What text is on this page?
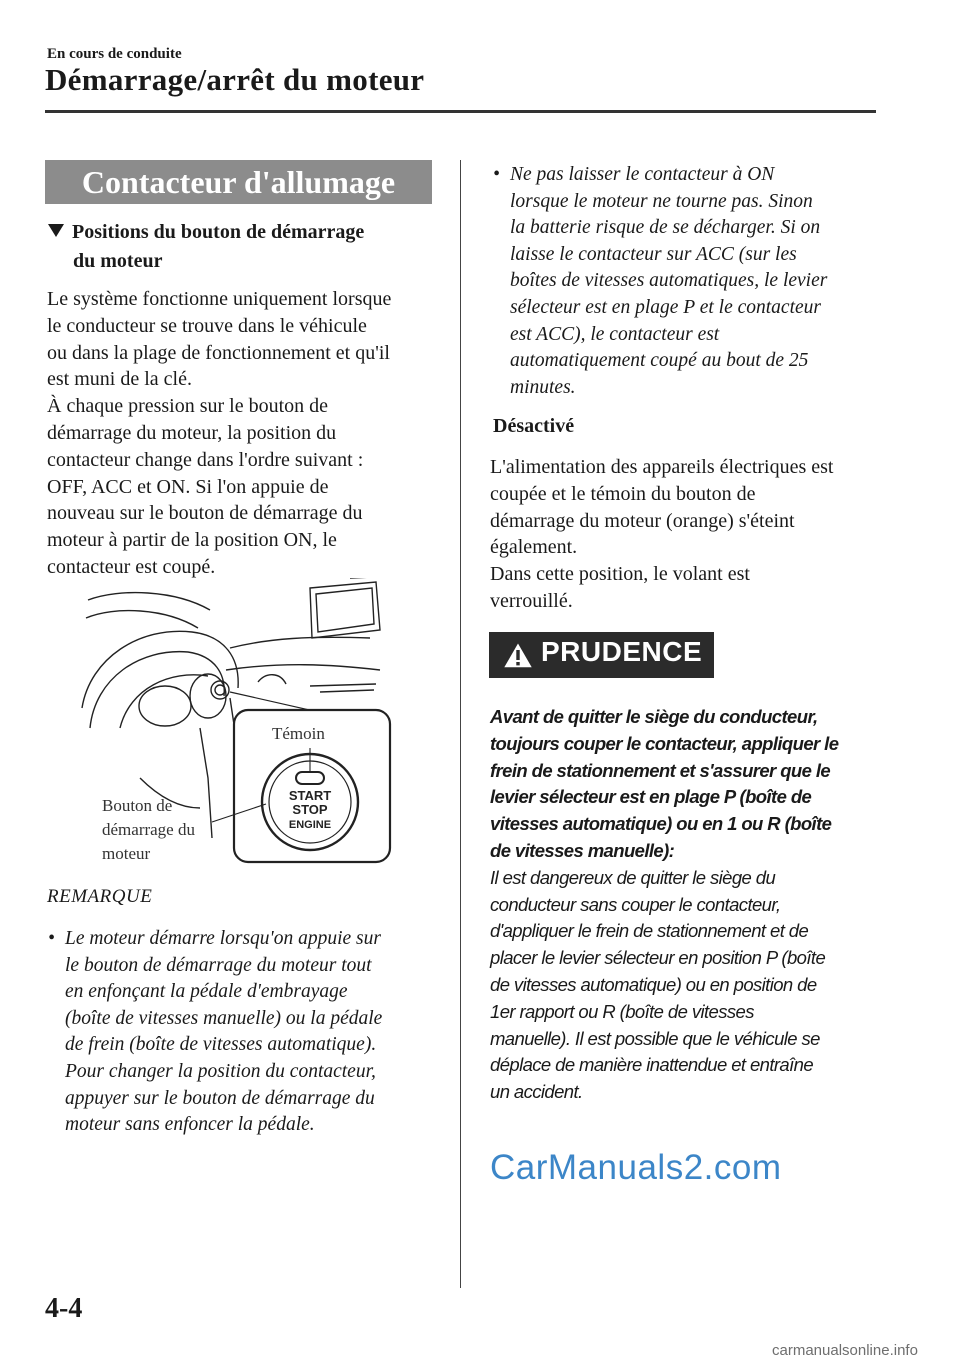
En cours de conduite
Démarrage/arrêt du moteur
Contacteur d'allumage
Positions du bouton de démarrage
du moteur
Le système fonctionne uniquement lorsque
le conducteur se trouve dans le véhicule
ou dans la plage de fonctionnement et qu'il
est muni de la clé.
À chaque pression sur le bouton de
démarrage du moteur, la position du
contacteur change dans l'ordre suivant :
OFF, ACC et ON. Si l'on appuie de
nouveau sur le bouton de démarrage du
moteur à partir de la position ON, le
contacteur est coupé.
START
STOP
ENGINE
Témoin
Bouton de
démarrage du
moteur
REMARQUE
• Le moteur démarre lorsqu'on appuie sur
le bouton de démarrage du moteur tout
en enfonçant la pédale d'embrayage
(boîte de vitesses manuelle) ou la pédale
de frein (boîte de vitesses automatique).
Pour changer la position du contacteur,
appuyer sur le bouton de démarrage du
moteur sans enfoncer la pédale.
• Ne pas laisser le contacteur à ON
lorsque le moteur ne tourne pas. Sinon
la batterie risque de se décharger. Si on
laisse le contacteur sur ACC (sur les
boîtes de vitesses automatiques, le levier
sélecteur est en plage P et le contacteur
est ACC), le contacteur est
automatiquement coupé au bout de 25
minutes.
Désactivé
L'alimentation des appareils électriques est
coupée et le témoin du bouton de
démarrage du moteur (orange) s'éteint
également.
Dans cette position, le volant est
verrouillé.
PRUDENCE
Avant de quitter le siège du conducteur,
toujours couper le contacteur, appliquer le
frein de stationnement et s'assurer que le
levier sélecteur est en plage P (boîte de
vitesses automatique) ou en 1 ou R (boîte
de vitesses manuelle):
Il est dangereux de quitter le siège du
conducteur sans couper le contacteur,
d'appliquer le frein de stationnement et de
placer le levier sélecteur en position P (boîte
de vitesses automatique) ou en position de
1er rapport ou R (boîte de vitesses
manuelle). Il est possible que le véhicule se
déplace de manière inattendue et entraîne
un accident.
CarManuals2.com
4-4
carmanualsonline.info
